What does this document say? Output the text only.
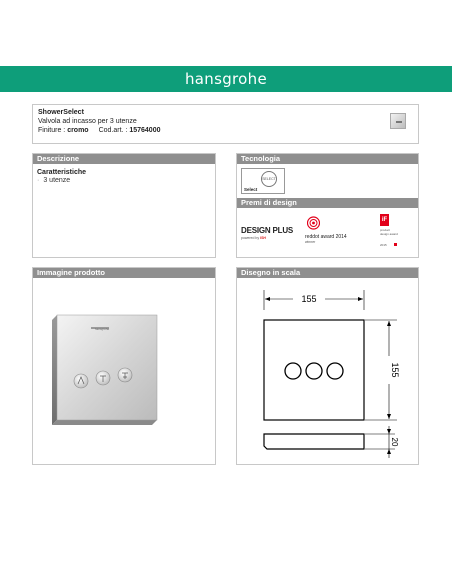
hansgrohe
ShowerSelect
Valvola ad incasso per 3 utenze
Finiture : cromo Cod.art. : 15764000
Descrizione
Caratteristiche
· 3 utenze
Tecnologia
SELECT
Select
Premi di design
DESIGN PLUS
powered by ISH	reddot award 2014
winner
iF
product
design award
2015
Immagine prodotto
hansgrohe
Disegno in scala
155
155
20
